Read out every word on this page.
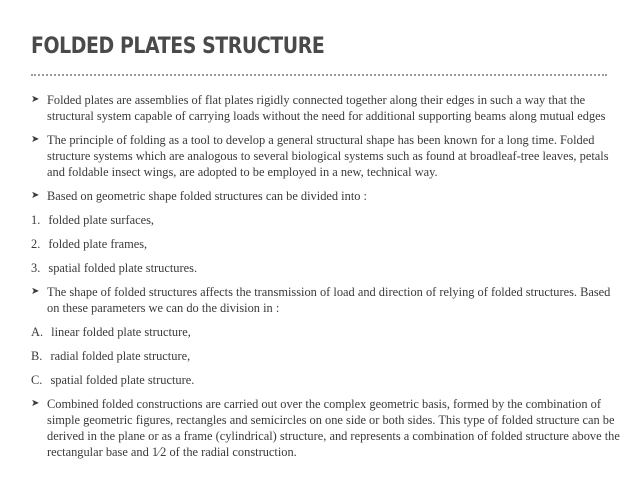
FOLDED PLATES STRUCTURE
➤ Folded plates are assemblies of flat plates rigidly connected together along their edges in such a way that the structural system capable of carrying loads without the need for additional supporting beams along mutual edges
➤ The principle of folding as a tool to develop a general structural shape has been known for a long time. Folded structure systems which are analogous to several biological systems such as found at broadleaf-tree leaves, petals and foldable insect wings, are adopted to be employed in a new, technical way.
➤ Based on geometric shape folded structures can be divided into :
1. folded plate surfaces,
2. folded plate frames,
3. spatial folded plate structures.
➤ The shape of folded structures affects the transmission of load and direction of relying of folded structures. Based on these parameters we can do the division in :
A. linear folded plate structure,
B. radial folded plate structure,
C. spatial folded plate structure.
➤ Combined folded constructions are carried out over the complex geometric basis, formed by the combination of simple geometric figures, rectangles and semicircles on one side or both sides. This type of folded structure can be derived in the plane or as a frame (cylindrical) structure, and represents a combination of folded structure above the rectangular base and 1⁄2 of the radial construction.
